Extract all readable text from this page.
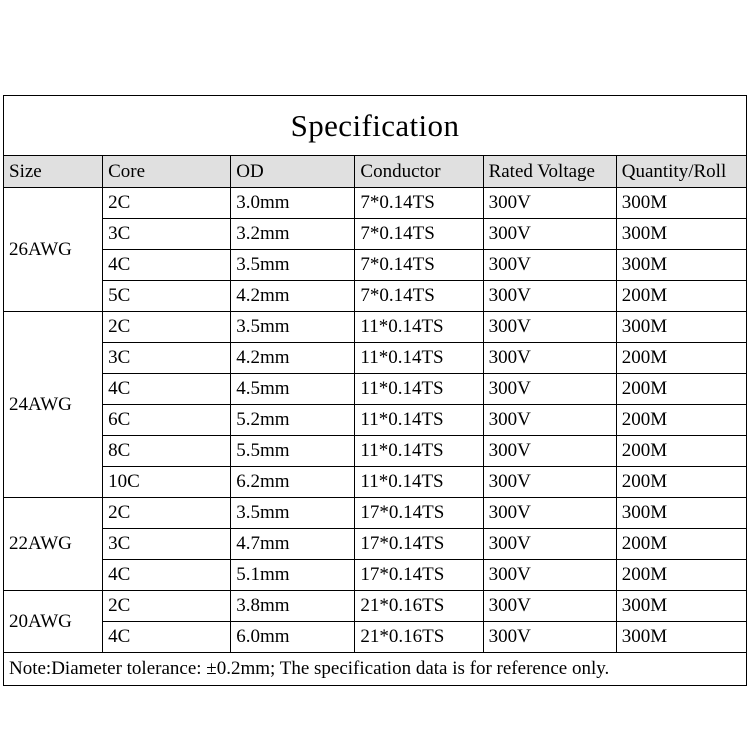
Specification					
Size	Core	OD	Conductor	Rated Voltage	Quantity/Roll
26AWG	2C	3.0mm	7*0.14TS	300V	300M
	3C	3.2mm	7*0.14TS	300V	300M
	4C	3.5mm	7*0.14TS	300V	300M
	5C	4.2mm	7*0.14TS	300V	200M
24AWG	2C	3.5mm	11*0.14TS	300V	300M
	3C	4.2mm	11*0.14TS	300V	200M
	4C	4.5mm	11*0.14TS	300V	200M
	6C	5.2mm	11*0.14TS	300V	200M
	8C	5.5mm	11*0.14TS	300V	200M
	10C	6.2mm	11*0.14TS	300V	200M
22AWG	2C	3.5mm	17*0.14TS	300V	300M
	3C	4.7mm	17*0.14TS	300V	200M
	4C	5.1mm	17*0.14TS	300V	200M
20AWG	2C	3.8mm	21*0.16TS	300V	300M
	4C	6.0mm	21*0.16TS	300V	300M
Note:Diameter tolerance: ±0.2mm; The specification data is for reference only.					
